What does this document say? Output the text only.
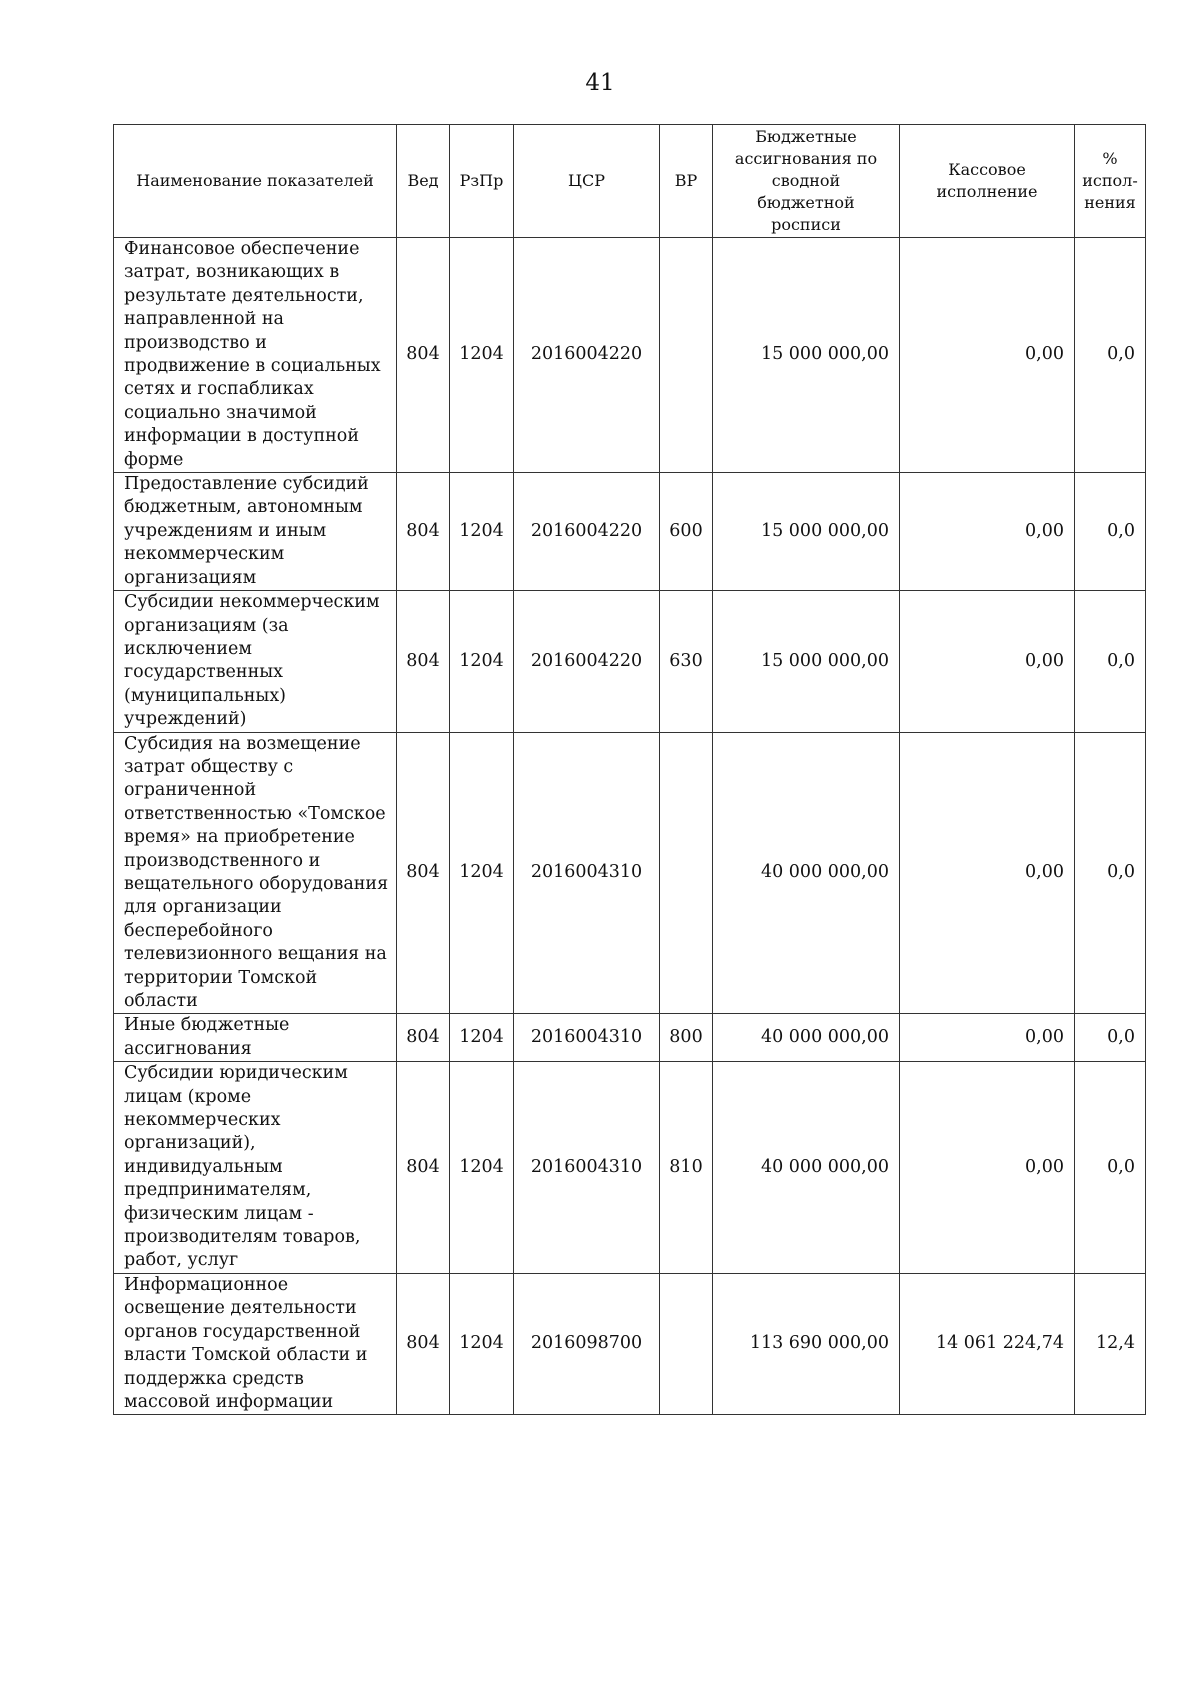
41
Наименование показателей	Вед	РзПр	ЦСР	ВР	Бюджетные ассигнования по сводной бюджетной росписи	Кассовое исполнение	% испол-нения
Финансовое обеспечение затрат, возникающих в результате деятельности, направленной на производство и продвижение в социальных сетях и госпабликах социально значимой информации в доступной форме	804	1204	2016004220		15 000 000,00	0,00	0,0
Предоставление субсидий бюджетным, автономным учреждениям и иным некоммерческим организациям	804	1204	2016004220	600	15 000 000,00	0,00	0,0
Субсидии некоммерческим организациям (за исключением государственных (муниципальных) учреждений)	804	1204	2016004220	630	15 000 000,00	0,00	0,0
Субсидия на возмещение затрат обществу с ограниченной ответственностью «Томское время» на приобретение производственного и вещательного оборудования для организации бесперебойного телевизионного вещания на территории Томской области	804	1204	2016004310		40 000 000,00	0,00	0,0
Иные бюджетные ассигнования	804	1204	2016004310	800	40 000 000,00	0,00	0,0
Субсидии юридическим лицам (кроме некоммерческих организаций), индивидуальным предпринимателям, физическим лицам - производителям товаров, работ, услуг	804	1204	2016004310	810	40 000 000,00	0,00	0,0
Информационное освещение деятельности органов государственной власти Томской области и поддержка средств массовой информации	804	1204	2016098700		113 690 000,00	14 061 224,74	12,4
